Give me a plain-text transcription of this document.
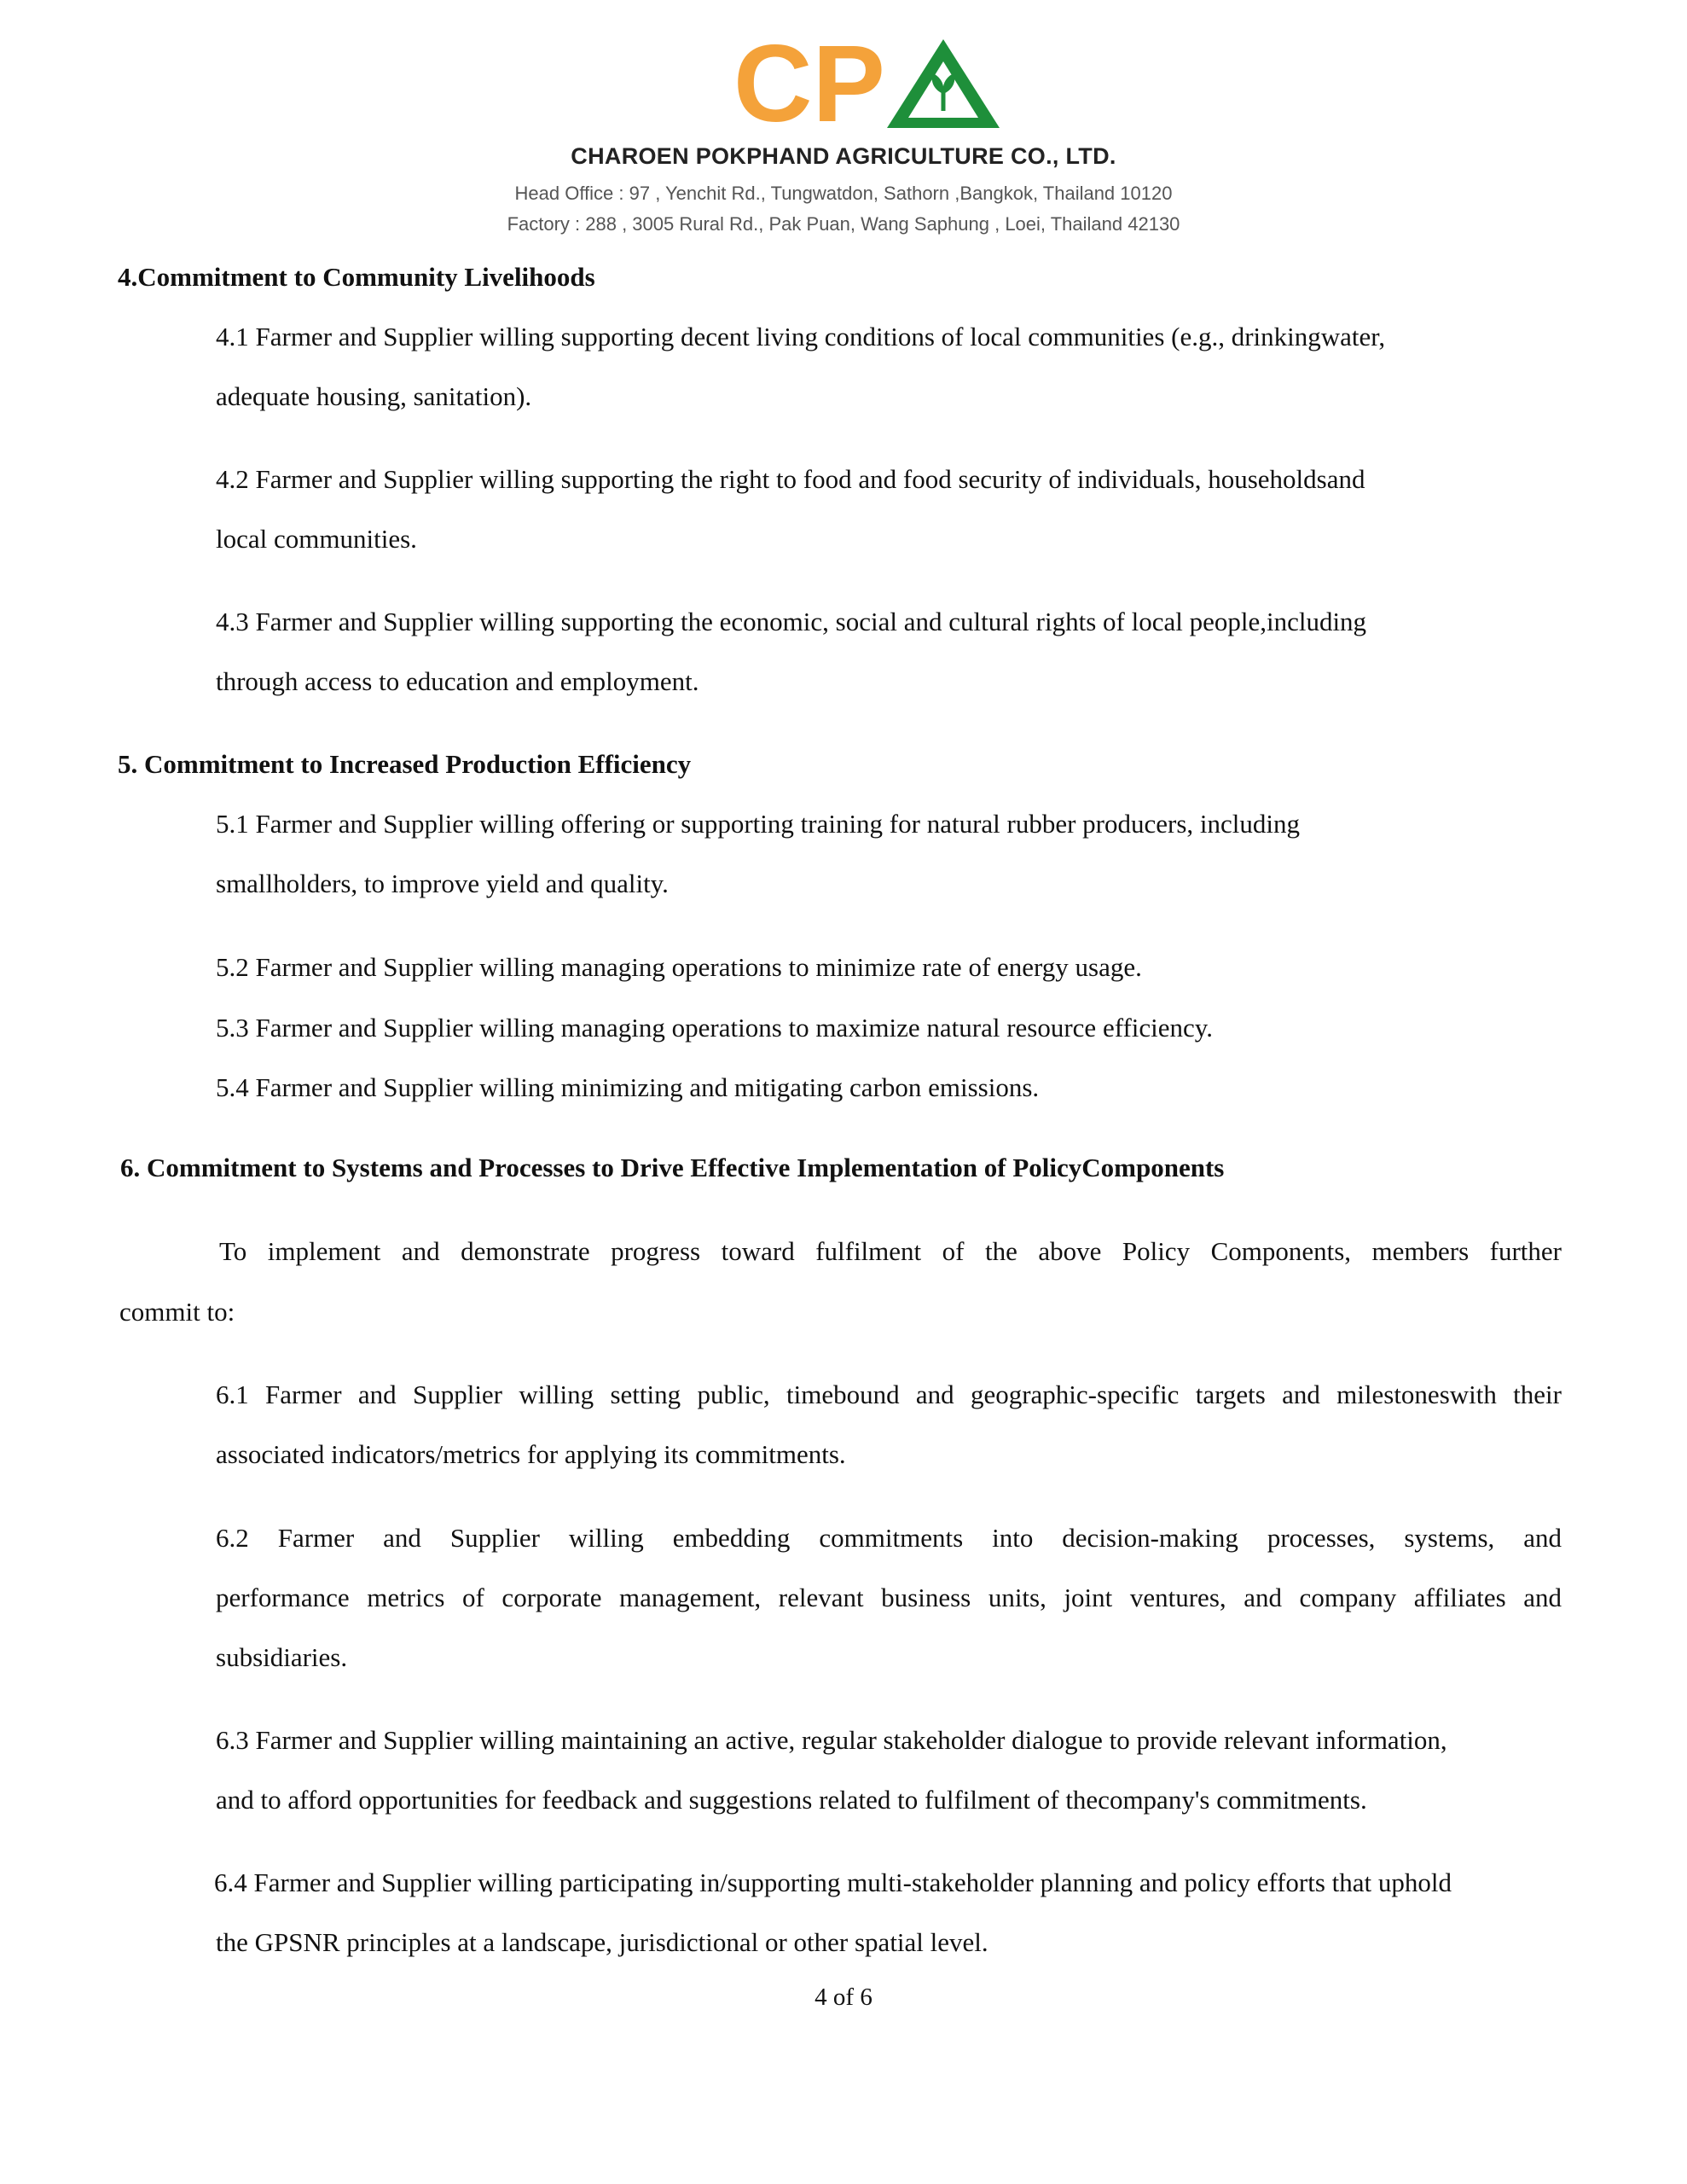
CP
CHAROEN POKPHAND AGRICULTURE CO., LTD.
Head Office : 97 , Yenchit Rd., Tungwatdon, Sathorn ,Bangkok, Thailand 10120
Factory : 288 , 3005 Rural Rd., Pak Puan, Wang Saphung , Loei, Thailand 42130
4.Commitment to Community Livelihoods
4.1 Farmer and Supplier willing supporting decent living conditions of local communities (e.g., drinkingwater,
adequate housing, sanitation).
4.2 Farmer and Supplier willing supporting the right to food and food security of individuals, householdsand
local communities.
4.3 Farmer and Supplier willing supporting the economic, social and cultural rights of local people,including
through access to education and employment.
5. Commitment to Increased Production Efficiency
5.1 Farmer and Supplier willing offering or supporting training for natural rubber producers, including
smallholders, to improve yield and quality.
5.2 Farmer and Supplier willing managing operations to minimize rate of energy usage.
5.3 Farmer and Supplier willing managing operations to maximize natural resource efficiency.
5.4 Farmer and Supplier willing minimizing and mitigating carbon emissions.
6. Commitment to Systems and Processes to Drive Effective Implementation of PolicyComponents
To implement and demonstrate progress toward fulfilment of the above Policy Components, members further
commit to:
6.1 Farmer and Supplier willing setting public, timebound and geographic-specific targets and milestoneswith their
associated indicators/metrics for applying its commitments.
6.2 Farmer and Supplier willing embedding commitments into decision-making processes, systems, and
performance metrics of corporate management, relevant business units, joint ventures, and company affiliates and
subsidiaries.
6.3 Farmer and Supplier willing maintaining an active, regular stakeholder dialogue to provide relevant information,
and to afford opportunities for feedback and suggestions related to fulfilment of thecompany's commitments.
6.4 Farmer and Supplier willing participating in/supporting multi-stakeholder planning and policy efforts that uphold
the GPSNR principles at a landscape, jurisdictional or other spatial level.
4 of 6
